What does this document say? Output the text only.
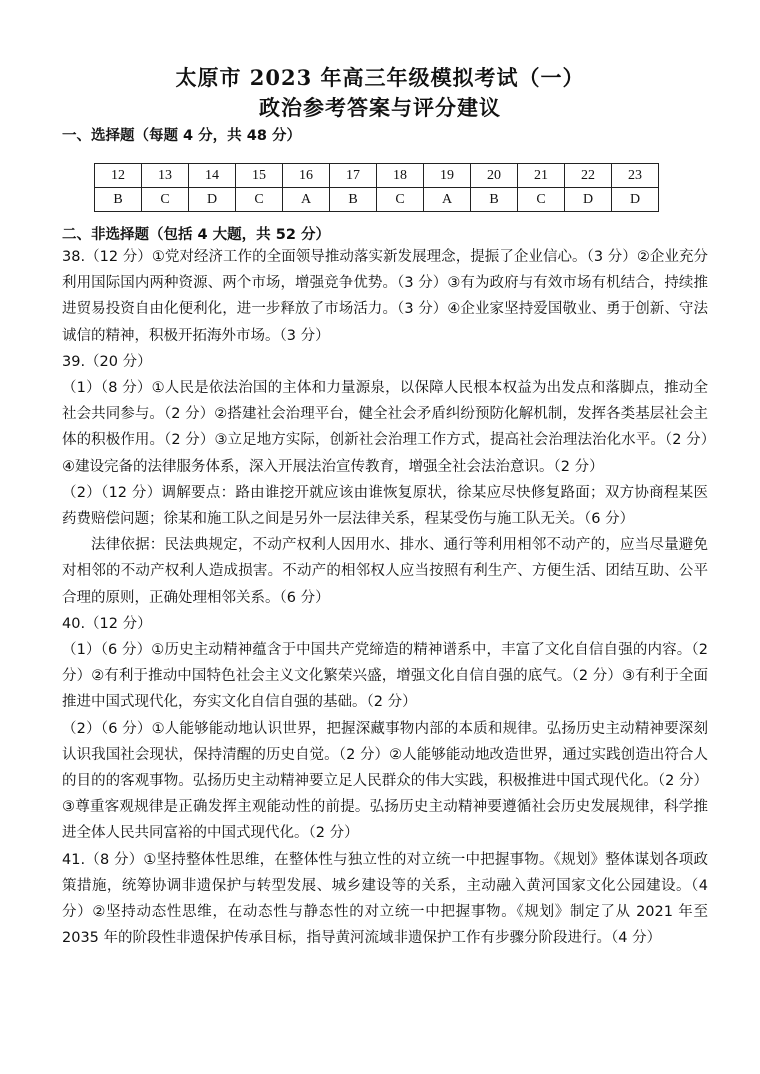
太原市 2023 年高三年级模拟考试（一）
政治参考答案与评分建议
一、选择题（每题 4 分，共 48 分）
12	13	14	15	16	17	18	19	20	21	22	23
B	C	D	C	A	B	C	A	B	C	D	D
二、非选择题（包括 4 大题，共 52 分）

38.（12 分）①党对经济工作的全面领导推动落实新发展理念，提振了企业信心。（3 分）②企业充分利用国际国内两种资源、两个市场，增强竞争优势。（3 分）③有为政府与有效市场有机结合，持续推进贸易投资自由化便利化，进一步释放了市场活力。（3 分）④企业家坚持爱国敬业、勇于创新、守法诚信的精神，积极开拓海外市场。（3 分）

39.（20 分）

（1）（8 分）①人民是依法治国的主体和力量源泉，以保障人民根本权益为出发点和落脚点，推动全社会共同参与。（2 分）②搭建社会治理平台，健全社会矛盾纠纷预防化解机制，发挥各类基层社会主体的积极作用。（2 分）③立足地方实际，创新社会治理工作方式，提高社会治理法治化水平。（2 分）④建设完备的法律服务体系，深入开展法治宣传教育，增强全社会法治意识。（2 分）

（2）（12 分）调解要点：路由谁挖开就应该由谁恢复原状，徐某应尽快修复路面；双方协商程某医药费赔偿问题；徐某和施工队之间是另外一层法律关系，程某受伤与施工队无关。（6 分）

法律依据：民法典规定，不动产权利人因用水、排水、通行等利用相邻不动产的，应当尽量避免对相邻的不动产权利人造成损害。不动产的相邻权人应当按照有利生产、方便生活、团结互助、公平合理的原则，正确处理相邻关系。（6 分）

40.（12 分）

（1）（6 分）①历史主动精神蕴含于中国共产党缔造的精神谱系中，丰富了文化自信自强的内容。（2 分）②有利于推动中国特色社会主义文化繁荣兴盛，增强文化自信自强的底气。（2 分）③有利于全面推进中国式现代化，夯实文化自信自强的基础。（2 分）

（2）（6 分）①人能够能动地认识世界，把握深藏事物内部的本质和规律。弘扬历史主动精神要深刻认识我国社会现状，保持清醒的历史自觉。（2 分）②人能够能动地改造世界，通过实践创造出符合人的目的的客观事物。弘扬历史主动精神要立足人民群众的伟大实践，积极推进中国式现代化。（2 分）③尊重客观规律是正确发挥主观能动性的前提。弘扬历史主动精神要遵循社会历史发展规律，科学推进全体人民共同富裕的中国式现代化。（2 分）

41.（8 分）①坚持整体性思维，在整体性与独立性的对立统一中把握事物。《规划》整体谋划各项政策措施，统筹协调非遗保护与转型发展、城乡建设等的关系，主动融入黄河国家文化公园建设。（4 分）②坚持动态性思维，在动态性与静态性的对立统一中把握事物。《规划》制定了从 2021 年至 2035 年的阶段性非遗保护传承目标，指导黄河流域非遗保护工作有步骤分阶段进行。（4 分）
